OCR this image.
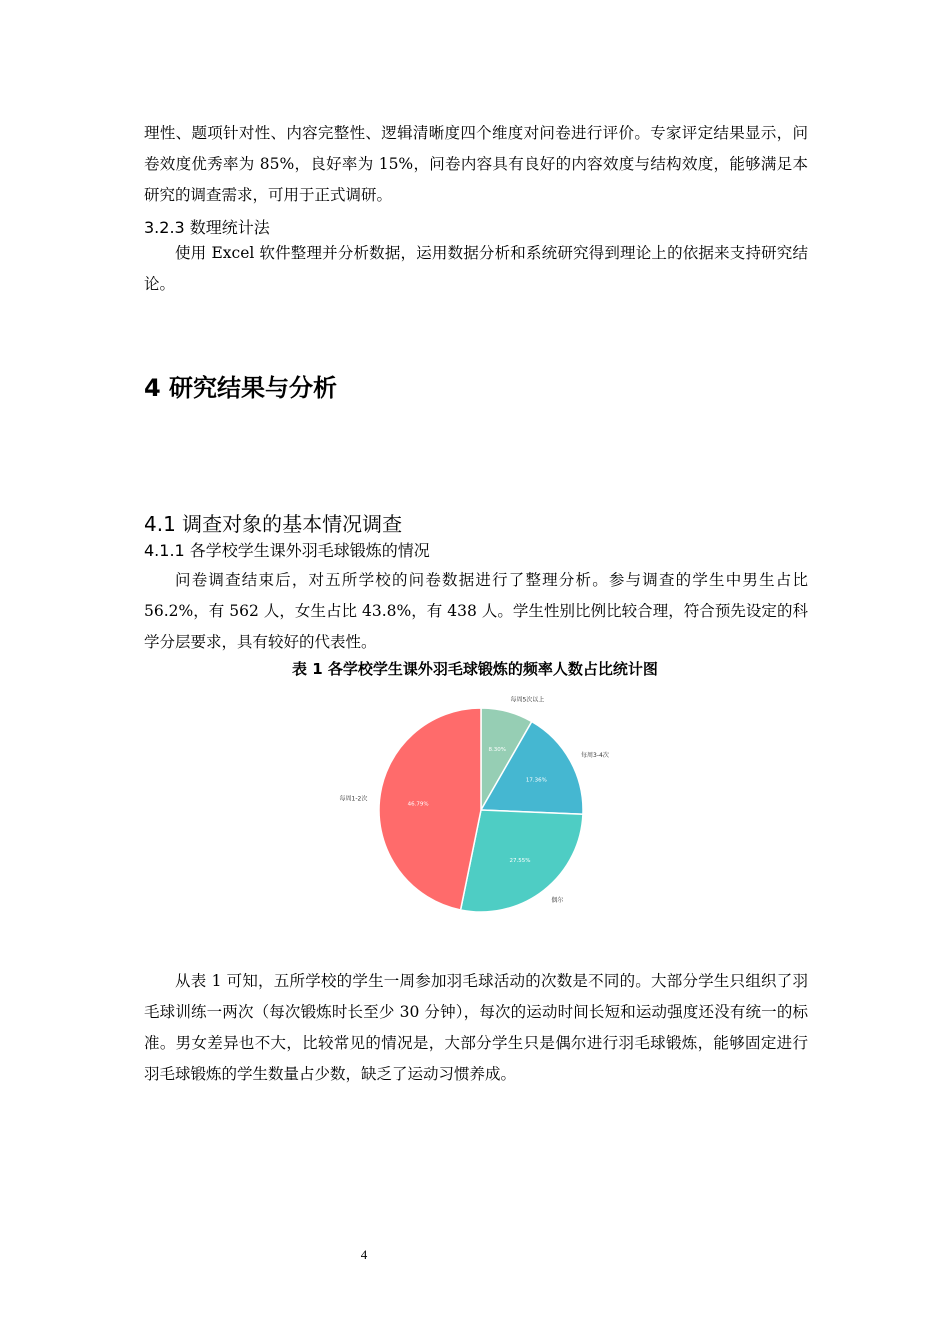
理性、题项针对性、内容完整性、逻辑清晰度四个维度对问卷进行评价。专家评定结果显示，问卷效度优秀率为 85%，良好率为 15%，问卷内容具有良好的内容效度与结构效度，能够满足本研究的调查需求，可用于正式调研。

3.2.3 数理统计法

使用 Excel 软件整理并分析数据，运用数据分析和系统研究得到理论上的依据来支持研究结论。

4 研究结果与分析
4.1 调查对象的基本情况调查
4.1.1 各学校学生课外羽毛球锻炼的情况

问卷调查结束后，对五所学校的问卷数据进行了整理分析。参与调查的学生中男生占比 56.2%，有 562 人，女生占比 43.8%，有 438 人。学生性别比例比较合理，符合预先设定的科学分层要求，具有较好的代表性。

表 1 各学校学生课外羽毛球锻炼的频率人数占比统计图
8.30%
每周5次以上
17.36%
每周3-4次
27.55%
偶尔
46.79%
每周1-2次

从表 1 可知，五所学校的学生一周参加羽毛球活动的次数是不同的。大部分学生只组织了羽毛球训练一两次（每次锻炼时长至少 30 分钟），每次的运动时间长短和运动强度还没有统一的标准。男女差异也不大，比较常见的情况是，大部分学生只是偶尔进行羽毛球锻炼，能够固定进行羽毛球锻炼的学生数量占少数，缺乏了运动习惯养成。

4
